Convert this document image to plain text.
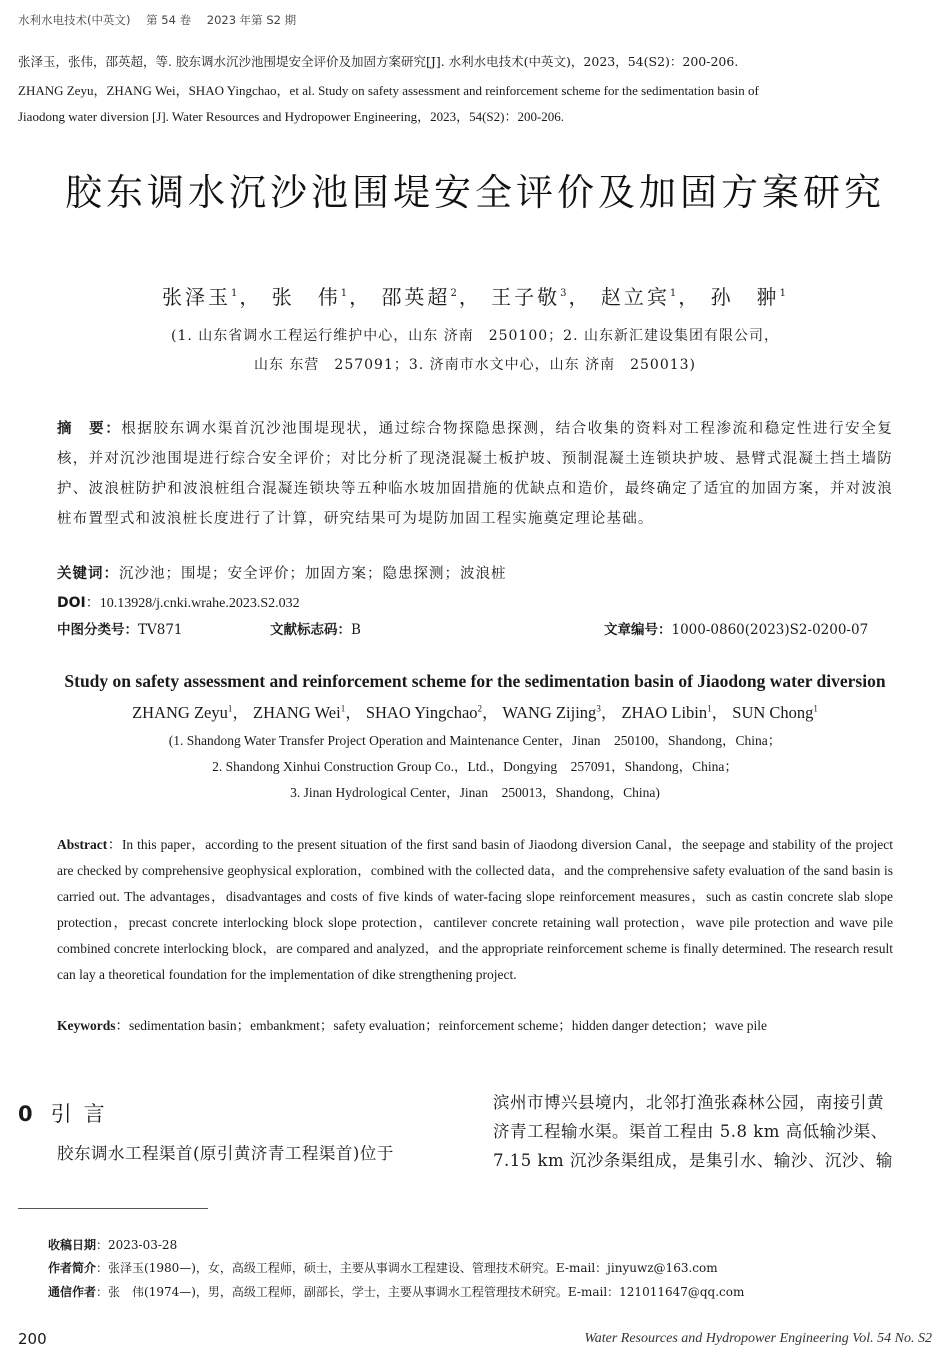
水利水电技术(中英文) 第 54 卷 2023 年第 S2 期
张泽玉，张伟，邵英超，等. 胶东调水沉沙池围堤安全评价及加固方案研究[J]. 水利水电技术(中英文)，2023，54(S2)：200-206.
ZHANG Zeyu，ZHANG Wei，SHAO Yingchao，et al. Study on safety assessment and reinforcement scheme for the sedimentation basin of
Jiaodong water diversion [J]. Water Resources and Hydropower Engineering，2023，54(S2)：200-206.
胶东调水沉沙池围堤安全评价及加固方案研究
张泽玉$^1$ ， 张　伟$^1$ ， 邵英超$^2$ ， 王子敬$^3$ ， 赵立宾$^1$ ， 孙　翀$^1$
(1. 山东省调水工程运行维护中心，山东 济南　250100；2. 山东新汇建设集团有限公司，
山东 东营　257091；3. 济南市水文中心，山东 济南　250013)
摘　要：根据胶东调水渠首沉沙池围堤现状，通过综合物探隐患探测，结合收集的资料对工程渗流和稳定性进行安全复核，并对沉沙池围堤进行综合安全评价；对比分析了现浇混凝土板护坡、预制混凝土连锁块护坡、悬臂式混凝土挡土墙防护、波浪桩防护和波浪桩组合混凝连锁块等五种临水坡加固措施的优缺点和造价，最终确定了适宜的加固方案，并对波浪桩布置型式和波浪桩长度进行了计算，研究结果可为堤防加固工程实施奠定理论基础。
关键词：沉沙池；围堤；安全评价；加固方案；隐患探测；波浪桩
DOI：10.13928/j.cnki.wrahe.2023.S2.032
中图分类号：TV871	文献标志码：B	文章编号：1000-0860(2023)S2-0200-07
Study on safety assessment and reinforcement scheme for the sedimentation basin of Jiaodong water diversion
ZHANG Zeyu$^1$， ZHANG Wei$^1$， SHAO Yingchao$^2$， WANG Zijing$^3$， ZHAO Libin$^1$， SUN Chong$^1$
(1. Shandong Water Transfer Project Operation and Maintenance Center，Jinan　250100，Shandong，China；
2. Shandong Xinhui Construction Group Co.，Ltd.，Dongying　257091，Shandong，China；
3. Jinan Hydrological Center，Jinan　250013，Shandong，China)
Abstract：In this paper，according to the present situation of the first sand basin of Jiaodong diversion Canal，the seepage and stability of the project are checked by comprehensive geophysical exploration，combined with the collected data，and the comprehensive safety evaluation of the sand basin is carried out. The advantages，disadvantages and costs of five kinds of water-facing slope reinforcement measures，such as castin concrete slab slope protection，precast concrete interlocking block slope protection，cantilever concrete retaining wall protection，wave pile protection and wave pile combined concrete interlocking block，are compared and analyzed，and the appropriate reinforcement scheme is finally determined. The research result can lay a theoretical foundation for the implementation of dike strengthening project.
Keywords：sedimentation basin；embankment；safety evaluation；reinforcement scheme；hidden danger detection；wave pile
0 引言
胶东调水工程渠首(原引黄济青工程渠首)位于
滨州市博兴县境内，北邻打渔张森林公园，南接引黄
济青工程输水渠。渠首工程由 5.8 km 高低输沙渠、
7.15 km 沉沙条渠组成，是集引水、输沙、沉沙、输
收稿日期：2023-03-28
作者简介：张泽玉(1980—)，女，高级工程师，硕士，主要从事调水工程建设、管理技术研究。E-mail：jinyuwz@163.com
通信作者：张　伟(1974—)，男，高级工程师，副部长，学士，主要从事调水工程管理技术研究。E-mail：121011647@qq.com
200	Water Resources and Hydropower Engineering Vol. 54 No. S2
